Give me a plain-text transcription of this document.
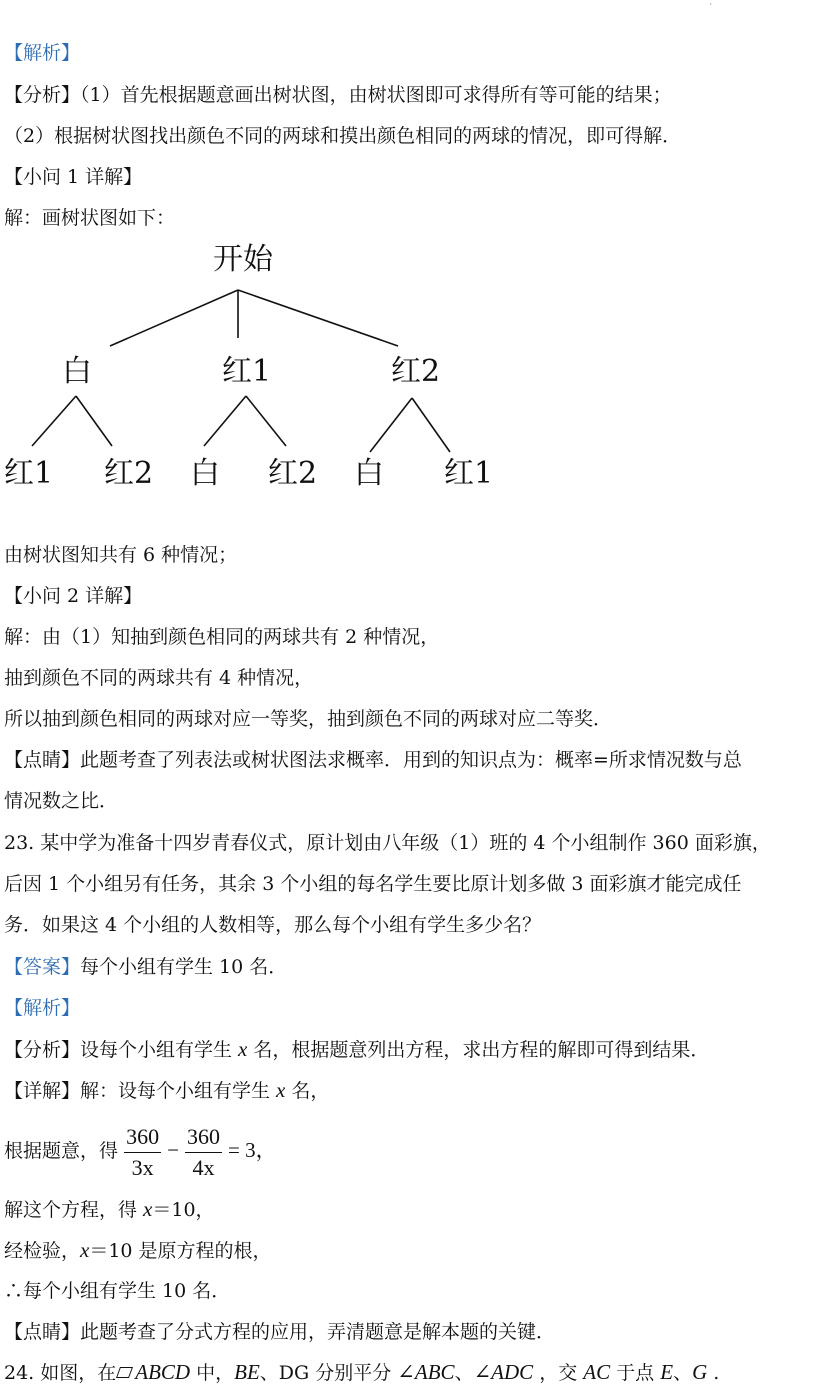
'
【解析】
【分析】（1）首先根据题意画出树状图，由树状图即可求得所有等可能的结果；
（2）根据树状图找出颜色不同的两球和摸出颜色相同的两球的情况，即可得解．
【小问 1 详解】
解：画树状图如下：
开始
白	红1	红2
红1 红2 白 红2 白 红1
由树状图知共有 6 种情况；
【小问 2 详解】
解：由（1）知抽到颜色相同的两球共有 2 种情况，
抽到颜色不同的两球共有 4 种情况，
所以抽到颜色相同的两球对应一等奖，抽到颜色不同的两球对应二等奖．
【点睛】此题考查了列表法或树状图法求概率．用到的知识点为：概率=所求情况数与总
情况数之比．
23. 某中学为准备十四岁青春仪式，原计划由八年级（1）班的 4 个小组制作 360 面彩旗，
后因 1 个小组另有任务，其余 3 个小组的每名学生要比原计划多做 3 面彩旗才能完成任
务．如果这 4 个小组的人数相等，那么每个小组有学生多少名？
【答案】每个小组有学生 10 名．
【解析】
【分析】设每个小组有学生 x 名，根据题意列出方程，求出方程的解即可得到结果．
【详解】解：设每个小组有学生 x 名，
根据题意，得 $\frac{360}{3x} - \frac{360}{4x} = 3$，
解这个方程，得 x＝10，
经检验，x＝10 是原方程的根，
∴每个小组有学生 10 名．
【点睛】此题考查了分式方程的应用，弄清题意是解本题的关键．
24. 如图，在 ABCD 中，BE、DG 分别平分 ∠ABC、∠ADC ，交 AC 于点 E、G .
